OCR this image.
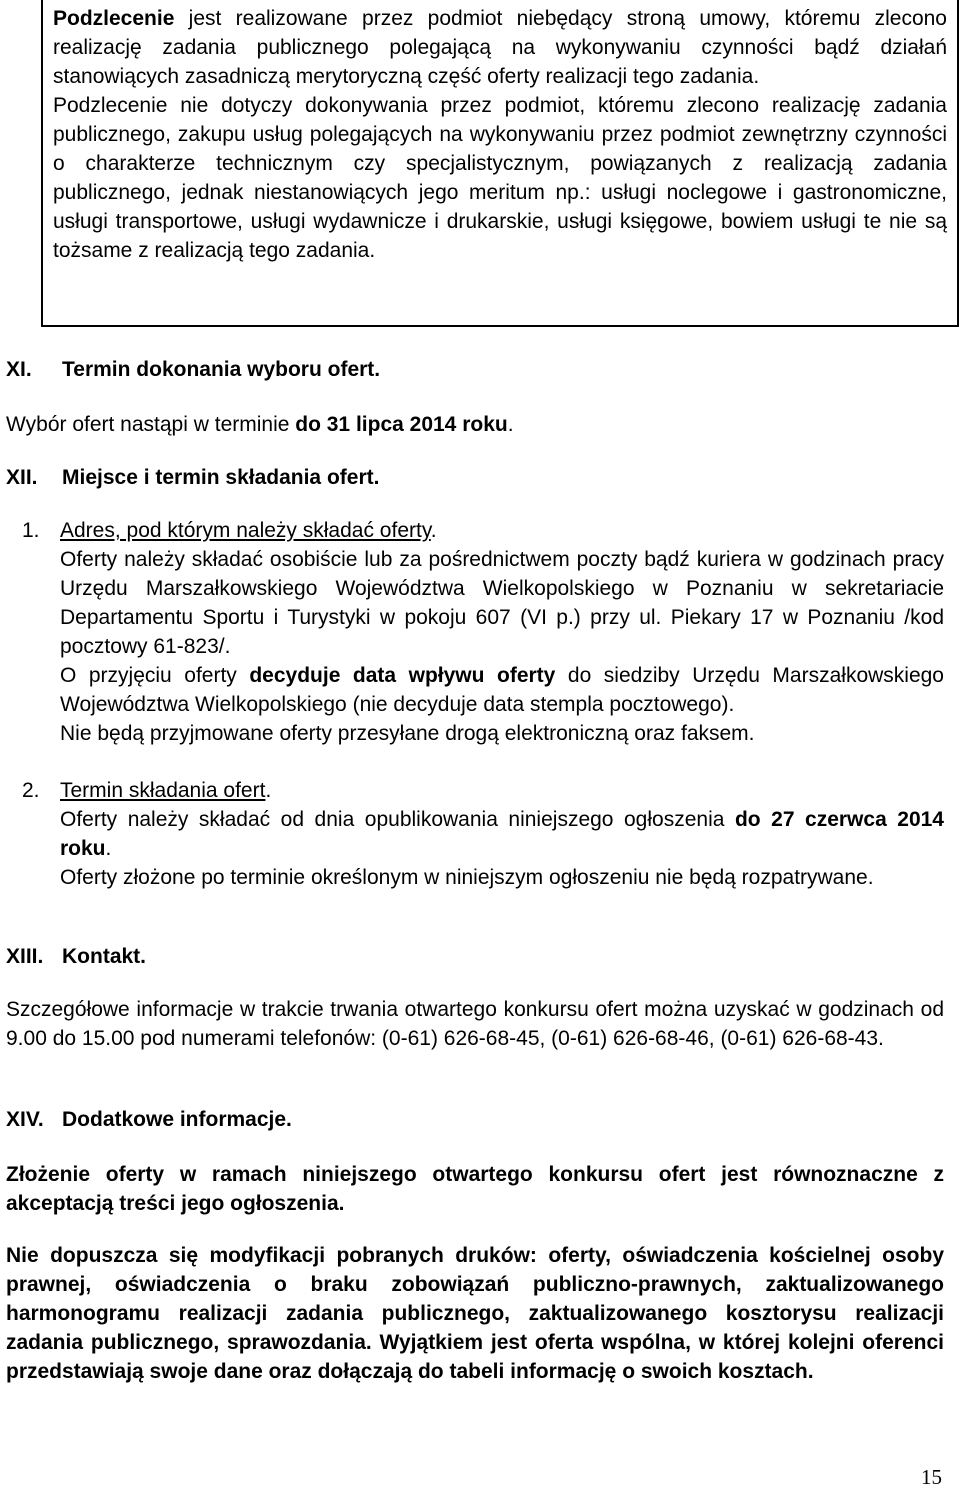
Podzlecenie jest realizowane przez podmiot niebędący stroną umowy, któremu zlecono realizację zadania publicznego polegającą na wykonywaniu czynności bądź działań stanowiących zasadniczą merytoryczną część oferty realizacji tego zadania.

Podzlecenie nie dotyczy dokonywania przez podmiot, któremu zlecono realizację zadania publicznego, zakupu usług polegających na wykonywaniu przez podmiot zewnętrzny czynności o charakterze technicznym czy specjalistycznym, powiązanych z realizacją zadania publicznego, jednak niestanowiących jego meritum np.: usługi noclegowe i gastronomiczne, usługi transportowe, usługi wydawnicze i drukarskie, usługi księgowe, bowiem usługi te nie są tożsame z realizacją tego zadania.

XI. Termin dokonania wyboru ofert.

Wybór ofert nastąpi w terminie do 31 lipca 2014 roku.

XII. Miejsce i termin składania ofert.
1. Adres, pod którym należy składać oferty.

Oferty należy składać osobiście lub za pośrednictwem poczty bądź kuriera w godzinach pracy Urzędu Marszałkowskiego Województwa Wielkopolskiego w Poznaniu w sekretariacie Departamentu Sportu i Turystyki w pokoju 607 (VI p.) przy ul. Piekary 17 w Poznaniu /kod pocztowy 61-823/.

O przyjęciu oferty decyduje data wpływu oferty do siedziby Urzędu Marszałkowskiego Województwa Wielkopolskiego (nie decyduje data stempla pocztowego).

Nie będą przyjmowane oferty przesyłane drogą elektroniczną oraz faksem.

2. Termin składania ofert.

Oferty należy składać od dnia opublikowania niniejszego ogłoszenia do 27 czerwca 2014 roku.

Oferty złożone po terminie określonym w niniejszym ogłoszeniu nie będą rozpatrywane.

XIII. Kontakt.

Szczegółowe informacje w trakcie trwania otwartego konkursu ofert można uzyskać w godzinach od 9.00 do 15.00 pod numerami telefonów: (0-61) 626-68-45, (0-61) 626-68-46, (0-61) 626-68-43.

XIV. Dodatkowe informacje.

Złożenie oferty w ramach niniejszego otwartego konkursu ofert jest równoznaczne z akceptacją treści jego ogłoszenia.

Nie dopuszcza się modyfikacji pobranych druków: oferty, oświadczenia kościelnej osoby prawnej, oświadczenia o braku zobowiązań publiczno-prawnych, zaktualizowanego harmonogramu realizacji zadania publicznego, zaktualizowanego kosztorysu realizacji zadania publicznego, sprawozdania. Wyjątkiem jest oferta wspólna, w której kolejni oferenci przedstawiają swoje dane oraz dołączają do tabeli informację o swoich kosztach.

15
